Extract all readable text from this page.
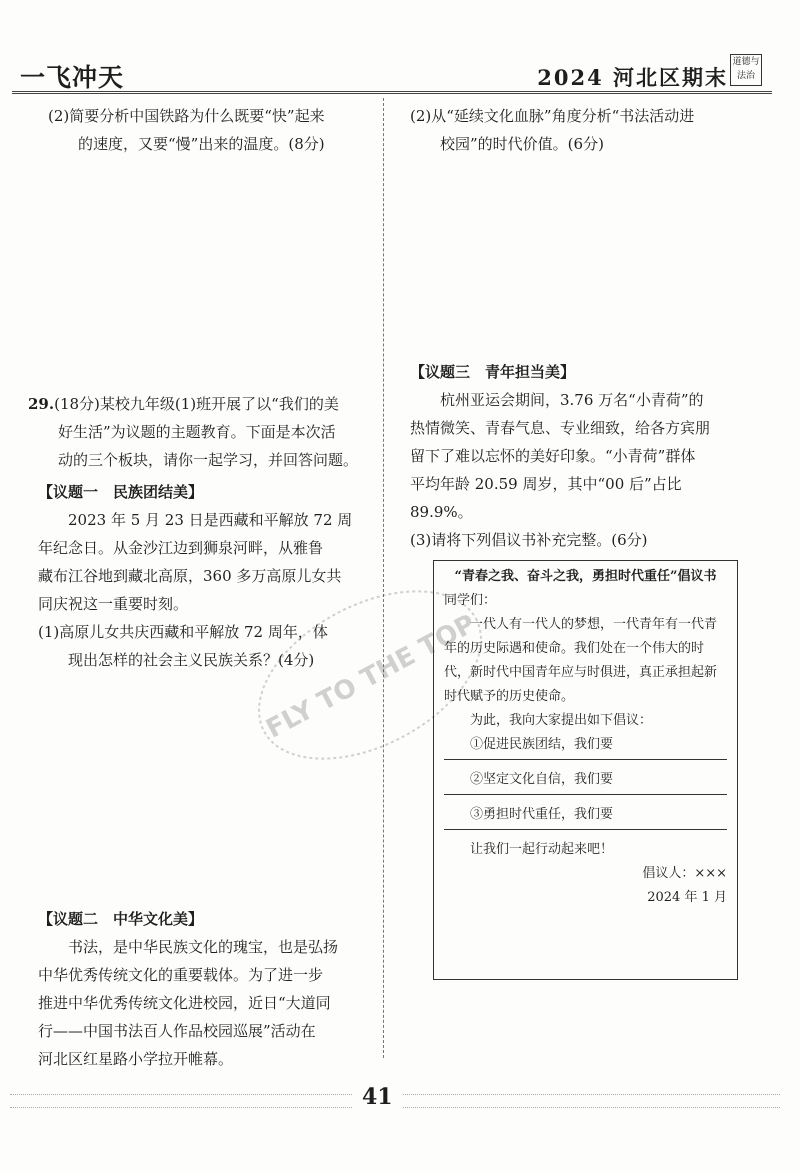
一飞冲天	2024 河北区期末
道德与法治

(2)简要分析中国铁路为什么既要“快”起来

的速度，又要“慢”出来的温度。(8分)

29.(18分)某校九年级(1)班开展了以“我们的美

好生活”为议题的主题教育。下面是本次活

动的三个板块，请你一起学习，并回答问题。

【议题一　民族团结美】

2023 年 5 月 23 日是西藏和平解放 72 周

年纪念日。从金沙江边到狮泉河畔，从雅鲁

藏布江谷地到藏北高原，360 多万高原儿女共

同庆祝这一重要时刻。

(1)高原儿女共庆西藏和平解放 72 周年，体

现出怎样的社会主义民族关系？(4分)

【议题二　中华文化美】

书法，是中华民族文化的瑰宝，也是弘扬

中华优秀传统文化的重要载体。为了进一步

推进中华优秀传统文化进校园，近日“大道同

行——中国书法百人作品校园巡展”活动在

河北区红星路小学拉开帷幕。

(2)从“延续文化血脉”角度分析“书法活动进

校园”的时代价值。(6分)

【议题三　青年担当美】

杭州亚运会期间，3.76 万名“小青荷”的

热情微笑、青春气息、专业细致，给各方宾朋

留下了难以忘怀的美好印象。“小青荷”群体

平均年龄 20.59 周岁，其中“00 后”占比

89.9%。

(3)请将下列倡议书补充完整。(6分)

“青春之我、奋斗之我，勇担时代重任”倡议书

同学们：

一代人有一代人的梦想，一代青年有一代青年的历史际遇和使命。我们处在一个伟大的时代，新时代中国青年应与时俱进，真正承担起新时代赋予的历史使命。

为此，我向大家提出如下倡议：

①促进民族团结，我们要
②坚定文化自信，我们要
③勇担时代重任，我们要

让我们一起行动起来吧！

倡议人：×××

2024 年 1 月

FLY TO THE TOP
41
